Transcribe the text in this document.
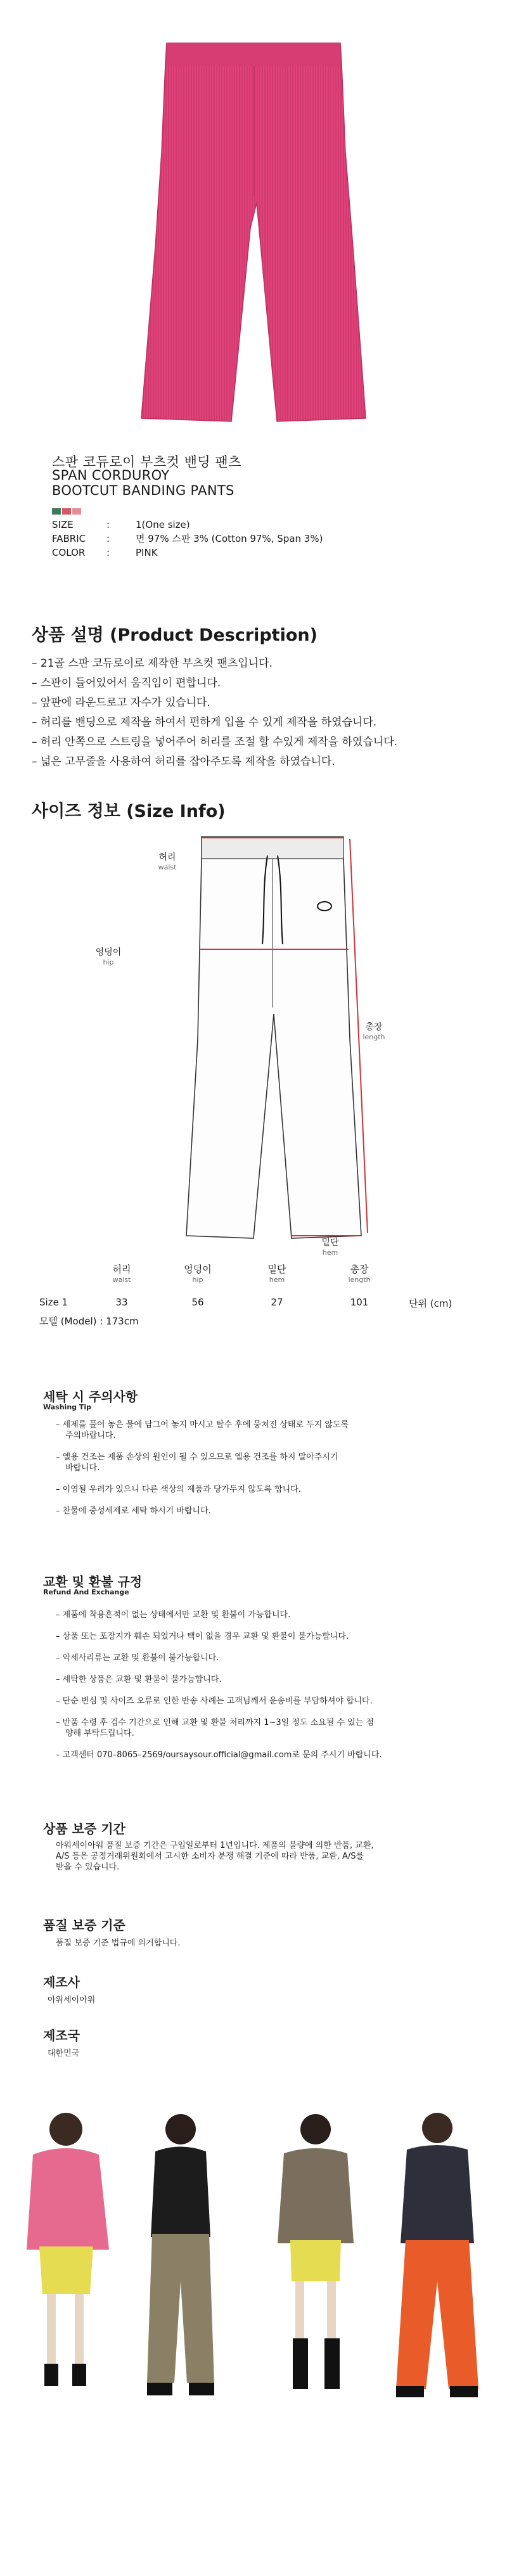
스판 코듀로이 부츠컷 밴딩 팬츠
SPAN CORDUROY
BOOTCUT BANDING PANTS
SIZE	:	1(One size)
FABRIC :	면 97% 스판 3% (Cotton 97%, Span 3%)
COLOR :	PINK
상품 설명 (Product Description)
– 21골 스판 코듀로이로 제작한 부츠컷 팬츠입니다.
– 스판이 들어있어서 움직임이 편합니다.
– 앞판에 라운드로고 자수가 있습니다.
– 허리를 밴딩으로 제작을 하여서 편하게 입을 수 있게 제작을 하였습니다.
– 허리 안쪽으로 스트링을 넣어주어 허리를 조절 할 수있게 제작을 하였습니다.
– 넓은 고무줄을 사용하여 허리를 잡아주도록 제작을 하였습니다.
사이즈 정보 (Size Info)
허리
waist
엉덩이
hip
총장
length
밑단
hem
허리
waist
엉덩이
hip
밑단
hem
총장
length
Size 1	33	56	27	101	단위 (cm)
모델 (Model) : 173cm
세탁 시 주의사항
Washing Tip
– 세제를 풀어 놓은 물에 담그어 놓지 마시고 탈수 후에 뭉쳐진 상태로 두지 않도록
주의바랍니다.
– 옐용 건조는 제품 손상의 원인이 될 수 있으므로 옐용 건조를 하지 말아주시기
바랍니다.
– 이염될 우려가 있으니 다른 색상의 제품과 당가두지 않도록 합니다.
– 찬물에 중성세제로 세탁 하시기 바랍니다.
교환 및 환불 규정
Refund And Exchange
– 제품에 착용흔적이 없는 상태에서만 교환 및 환불이 가능합니다.
– 상품 또는 포장지가 훼손 되었거나 택이 없을 경우 교환 및 환불이 불가능합니다.
– 악세사리류는 교환 및 환불이 불가능합니다.
– 세탁한 상품은 교환 및 환불이 불가능합니다.
– 단순 변심 및 사이즈 오류로 인한 반송 사례는 고객님께서 운송비를 부담하셔야 합니다.
– 반품 수령 후 검수 기간으로 인해 교환 및 환불 처리까지 1~3일 정도 소요될 수 있는 점
양해 부탁드립니다.
– 고객센터 070–8065–2569/oursaysour.official@gmail.com로 문의 주시기 바랍니다.
상품 보증 기간
아워세이아워 품질 보증 기간은 구입일로부터 1년입니다. 제품의 불량에 의한 반품, 교환,
A/S 등은 공정거래위원회에서 고시한 소비자 분쟁 해결 기준에 따라 반품, 교환, A/S를
받을 수 있습니다.
품질 보증 기준
품질 보증 기준 법규에 의거합니다.
제조사
아워세이아워
제조국
대한민국
